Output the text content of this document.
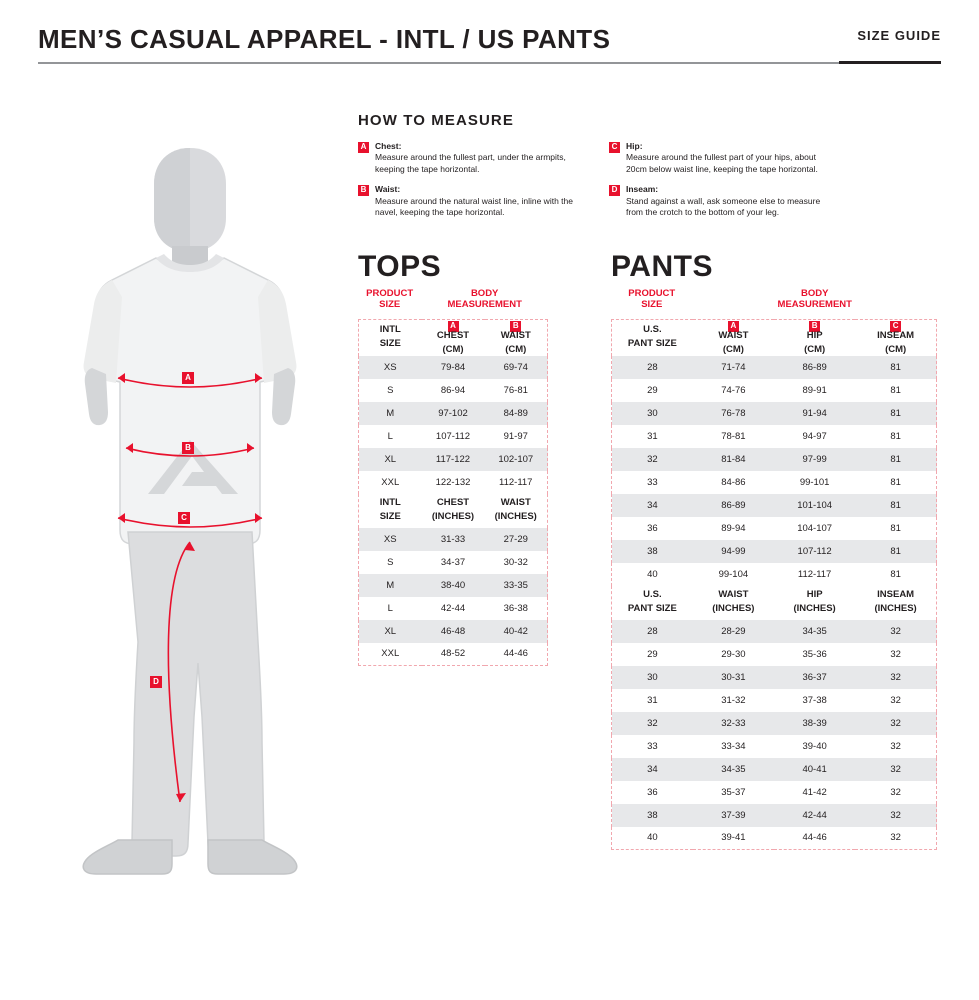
MEN’S CASUAL APPAREL - INTL / US PANTS	SIZE GUIDE
A
B
C
D
HOW TO MEASURE
A	Chest:
Measure around the fullest part, under the armpits, keeping the tape horizontal.
B	Waist:
Measure around the natural waist line, inline with the navel, keeping the tape horizontal.
C	Hip:
Measure around the fullest part of your hips, about 20cm below waist line, keeping the tape horizontal.
D	Inseam:
Stand against a wall, ask someone else to measure from the crotch to the bottom of your leg.
TOPS
PRODUCT
SIZE
BODY
MEASUREMENT
INTL
SIZE

A
CHEST
(CM)

B
WAIST
(CM)

XS	79-84	69-74
S	86-94	76-81
M	97-102	84-89
L	107-112	91-97
XL	117-122	102-107
XXL	122-132	112-117

INTL
SIZE

CHEST
(INCHES)

WAIST
(INCHES)

XS	31-33	27-29
S	34-37	30-32
M	38-40	33-35
L	42-44	36-38
XL	46-48	40-42
XXL	48-52	44-46
PANTS
PRODUCT
SIZE
BODY
MEASUREMENT
U.S.
PANT SIZE

A
WAIST
(CM)

B
HIP
(CM)

C
INSEAM
(CM)

28	71-74	86-89	81
29	74-76	89-91	81
30	76-78	91-94	81
31	78-81	94-97	81
32	81-84	97-99	81
33	84-86	99-101	81
34	86-89	101-104	81
36	89-94	104-107	81
38	94-99	107-112	81
40	99-104	112-117	81

U.S.
PANT SIZE

WAIST
(INCHES)

HIP
(INCHES)

INSEAM
(INCHES)

28	28-29	34-35	32
29	29-30	35-36	32
30	30-31	36-37	32
31	31-32	37-38	32
32	32-33	38-39	32
33	33-34	39-40	32
34	34-35	40-41	32
36	35-37	41-42	32
38	37-39	42-44	32
40	39-41	44-46	32
